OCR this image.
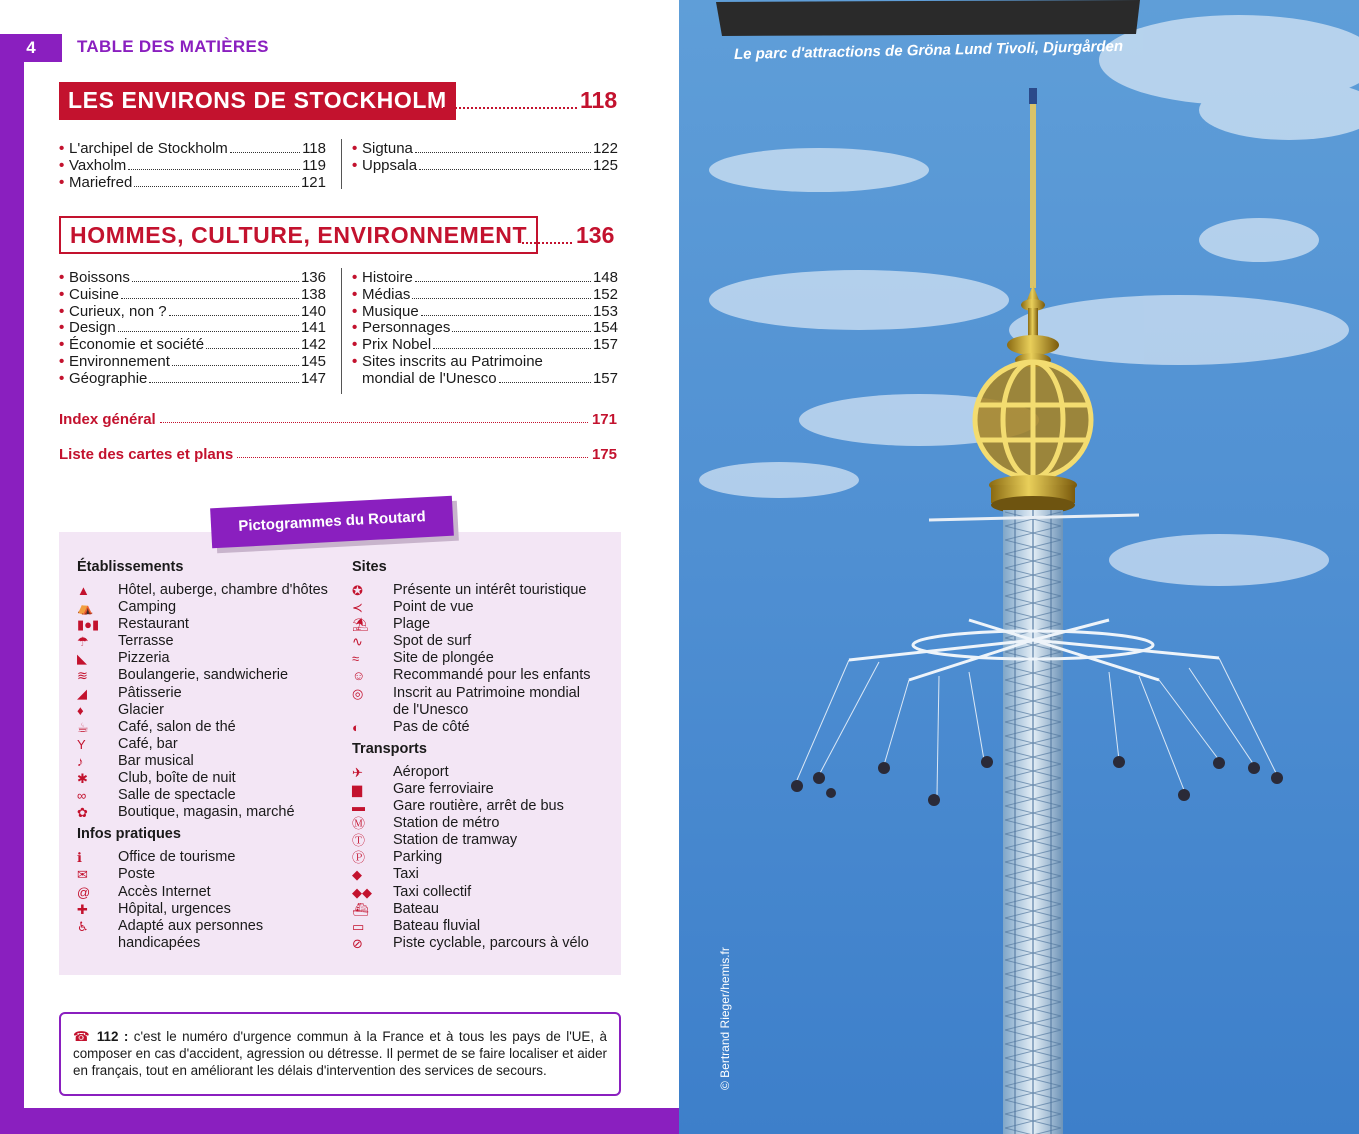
4	TABLE DES MATIÈRES
LES ENVIRONS DE STOCKHOLM	118
• L'archipel de Stockholm	118
• Vaxholm	119
• Mariefred	121
• Sigtuna	122
• Uppsala	125
HOMMES, CULTURE, ENVIRONNEMENT	136
• Boissons	136
• Cuisine	138
• Curieux, non ?	140
• Design	141
• Économie et société	142
• Environnement	145
• Géographie	147
• Histoire	148
• Médias	152
• Musique	153
• Personnages	154
• Prix Nobel	157
• Sites inscrits au Patrimoine
mondial de l'Unesco	157
Index général	171
Liste des cartes et plans	175
Pictogrammes du Routard
Établissements
▲	Hôtel, auberge, chambre d'hôtes
⛺	Camping
▮●▮	Restaurant
☂	Terrasse
◣	Pizzeria
≋	Boulangerie, sandwicherie
◢	Pâtisserie
♦	Glacier
☕	Café, salon de thé
Y	Café, bar
♪	Bar musical
✱	Club, boîte de nuit
∞	Salle de spectacle
✿	Boutique, magasin, marché
Infos pratiques
ℹ	Office de tourisme
✉	Poste
@	Accès Internet
✚	Hôpital, urgences
♿	Adapté aux personnes
handicapées
Sites
✪	Présente un intérêt touristique
≺	Point de vue
⛱	Plage
∿	Spot de surf
≈	Site de plongée
☺	Recommandé pour les enfants
◎	Inscrit au Patrimoine mondial
de l'Unesco
◐	Pas de côté
Transports
✈	Aéroport
▆	Gare ferroviaire
▬	Gare routière, arrêt de bus
Ⓜ	Station de métro
Ⓣ	Station de tramway
Ⓟ	Parking
◆	Taxi
◆◆	Taxi collectif
⛴	Bateau
▭	Bateau fluvial
⊘	Piste cyclable, parcours à vélo
☎ 112 : c'est le numéro d'urgence commun à la France et à tous les pays de l'UE, à composer en cas d'accident, agression ou détresse. Il permet de se faire localiser et aider en français, tout en améliorant les délais d'intervention des services de secours.
Le parc d'attractions de Gröna Lund Tivoli, Djurgården
© Bertrand Rieger/hemis.fr
